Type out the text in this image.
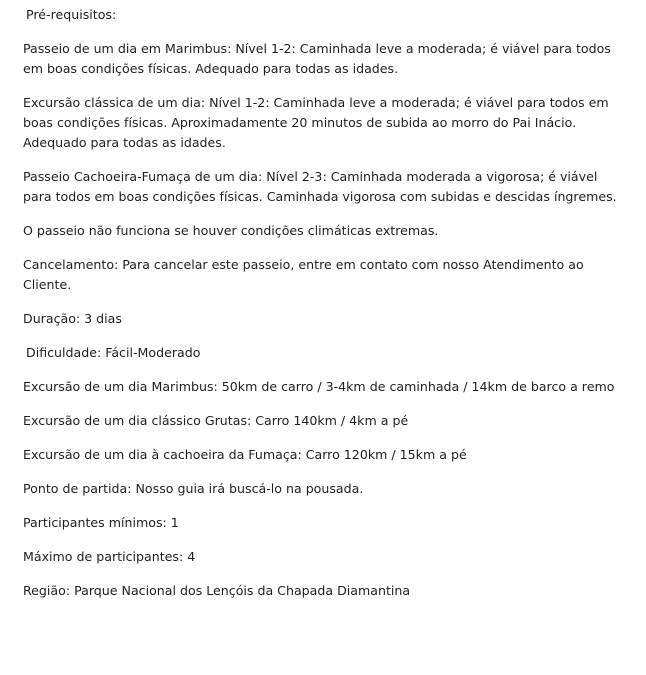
Pré-requisitos:

Passeio de um dia em Marimbus: Nível 1-2: Caminhada leve a moderada; é viável para todos em boas condições físicas. Adequado para todas as idades.

Excursão clássica de um dia: Nível 1-2: Caminhada leve a moderada; é viável para todos em boas condições físicas. Aproximadamente 20 minutos de subida ao morro do Pai Inácio. Adequado para todas as idades.

Passeio Cachoeira-Fumaça de um dia: Nível 2-3: Caminhada moderada a vigorosa; é viável para todos em boas condições físicas. Caminhada vigorosa com subidas e descidas íngremes.

O passeio não funciona se houver condições climáticas extremas.

Cancelamento: Para cancelar este passeio, entre em contato com nosso Atendimento ao Cliente.

Duração: 3 dias

Dificuldade: Fácil-Moderado

Excursão de um dia Marimbus: 50km de carro / 3-4km de caminhada / 14km de barco a remo

Excursão de um dia clássico Grutas: Carro 140km / 4km a pé

Excursão de um dia à cachoeira da Fumaça: Carro 120km / 15km a pé

Ponto de partida: Nosso guia irá buscá-lo na pousada.

Participantes mínimos: 1

Máximo de participantes: 4

Região: Parque Nacional dos Lençóis da Chapada Diamantina
